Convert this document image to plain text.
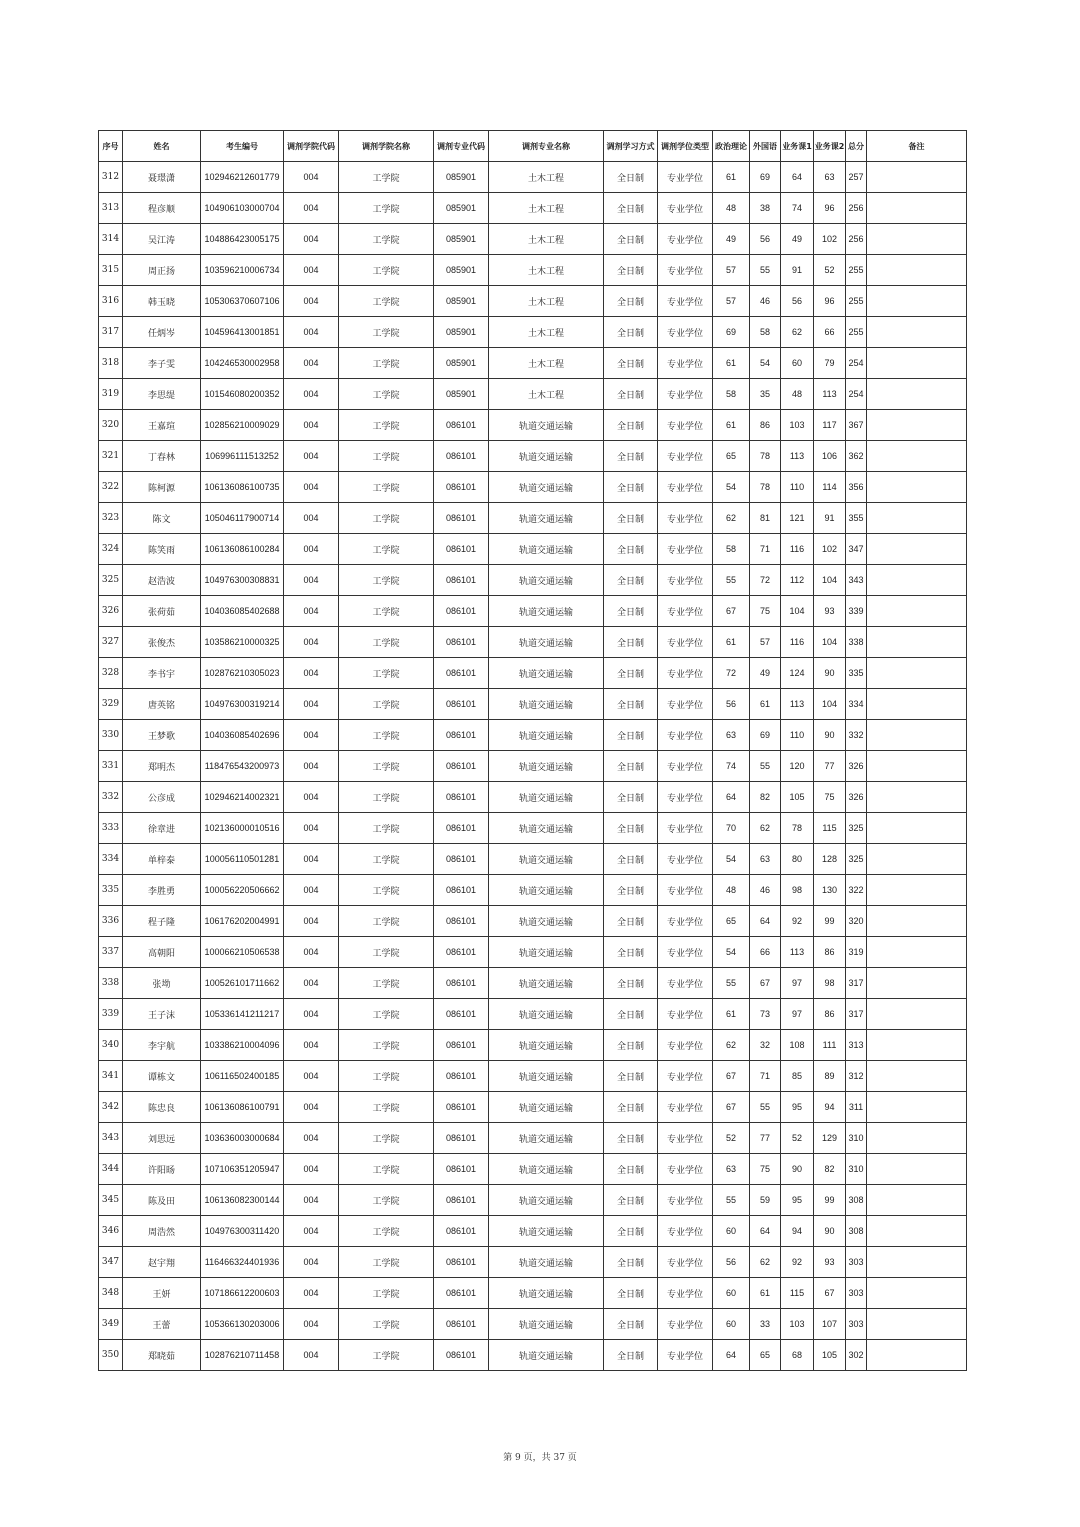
序号	姓名	考生编号	调剂学院代码	调剂学院名称	调剂专业代码	调剂专业名称	调剂学习方式	调剂学位类型	政治理论	外国语	业务课1	业务课2	总分	备注
312	聂璟潇	102946212601779	004	工学院	085901	土木工程	全日制	专业学位	61	69	64	63	257	
313	程彦顺	104906103000704	004	工学院	085901	土木工程	全日制	专业学位	48	38	74	96	256	
314	吴江涛	104886423005175	004	工学院	085901	土木工程	全日制	专业学位	49	56	49	102	256	
315	周正扬	103596210006734	004	工学院	085901	土木工程	全日制	专业学位	57	55	91	52	255	
316	韩玉晓	105306370607106	004	工学院	085901	土木工程	全日制	专业学位	57	46	56	96	255	
317	任炳岑	104596413001851	004	工学院	085901	土木工程	全日制	专业学位	69	58	62	66	255	
318	李子雯	104246530002958	004	工学院	085901	土木工程	全日制	专业学位	61	54	60	79	254	
319	李思缇	101546080200352	004	工学院	085901	土木工程	全日制	专业学位	58	35	48	113	254	
320	王嘉瑄	102856210009029	004	工学院	086101	轨道交通运输	全日制	专业学位	61	86	103	117	367	
321	丁春林	106996111513252	004	工学院	086101	轨道交通运输	全日制	专业学位	65	78	113	106	362	
322	陈柯源	106136086100735	004	工学院	086101	轨道交通运输	全日制	专业学位	54	78	110	114	356	
323	陈文	105046117900714	004	工学院	086101	轨道交通运输	全日制	专业学位	62	81	121	91	355	
324	陈笑雨	106136086100284	004	工学院	086101	轨道交通运输	全日制	专业学位	58	71	116	102	347	
325	赵浩波	104976300308831	004	工学院	086101	轨道交通运输	全日制	专业学位	55	72	112	104	343	
326	张荷茹	104036085402688	004	工学院	086101	轨道交通运输	全日制	专业学位	67	75	104	93	339	
327	张俊杰	103586210000325	004	工学院	086101	轨道交通运输	全日制	专业学位	61	57	116	104	338	
328	李书宇	102876210305023	004	工学院	086101	轨道交通运输	全日制	专业学位	72	49	124	90	335	
329	唐英铭	104976300319214	004	工学院	086101	轨道交通运输	全日制	专业学位	56	61	113	104	334	
330	王梦歌	104036085402696	004	工学院	086101	轨道交通运输	全日制	专业学位	63	69	110	90	332	
331	郑明杰	118476543200973	004	工学院	086101	轨道交通运输	全日制	专业学位	74	55	120	77	326	
332	公彦成	102946214002321	004	工学院	086101	轨道交通运输	全日制	专业学位	64	82	105	75	326	
333	徐章进	102136000010516	004	工学院	086101	轨道交通运输	全日制	专业学位	70	62	78	115	325	
334	单梓泰	100056110501281	004	工学院	086101	轨道交通运输	全日制	专业学位	54	63	80	128	325	
335	李胜勇	100056220506662	004	工学院	086101	轨道交通运输	全日制	专业学位	48	46	98	130	322	
336	程子隆	106176202004991	004	工学院	086101	轨道交通运输	全日制	专业学位	65	64	92	99	320	
337	高朝阳	100066210506538	004	工学院	086101	轨道交通运输	全日制	专业学位	54	66	113	86	319	
338	张坳	100526101711662	004	工学院	086101	轨道交通运输	全日制	专业学位	55	67	97	98	317	
339	王子沫	105336141211217	004	工学院	086101	轨道交通运输	全日制	专业学位	61	73	97	86	317	
340	李宇航	103386210004096	004	工学院	086101	轨道交通运输	全日制	专业学位	62	32	108	111	313	
341	谭栋文	106116502400185	004	工学院	086101	轨道交通运输	全日制	专业学位	67	71	85	89	312	
342	陈忠良	106136086100791	004	工学院	086101	轨道交通运输	全日制	专业学位	67	55	95	94	311	
343	刘思远	103636003000684	004	工学院	086101	轨道交通运输	全日制	专业学位	52	77	52	129	310	
344	许阳旸	107106351205947	004	工学院	086101	轨道交通运输	全日制	专业学位	63	75	90	82	310	
345	陈及田	106136082300144	004	工学院	086101	轨道交通运输	全日制	专业学位	55	59	95	99	308	
346	周浩然	104976300311420	004	工学院	086101	轨道交通运输	全日制	专业学位	60	64	94	90	308	
347	赵宇翔	116466324401936	004	工学院	086101	轨道交通运输	全日制	专业学位	56	62	92	93	303	
348	王妍	107186612200603	004	工学院	086101	轨道交通运输	全日制	专业学位	60	61	115	67	303	
349	王蕾	105366130203006	004	工学院	086101	轨道交通运输	全日制	专业学位	60	33	103	107	303	
350	郑晓茹	102876210711458	004	工学院	086101	轨道交通运输	全日制	专业学位	64	65	68	105	302	
第 9 页，共 37 页
